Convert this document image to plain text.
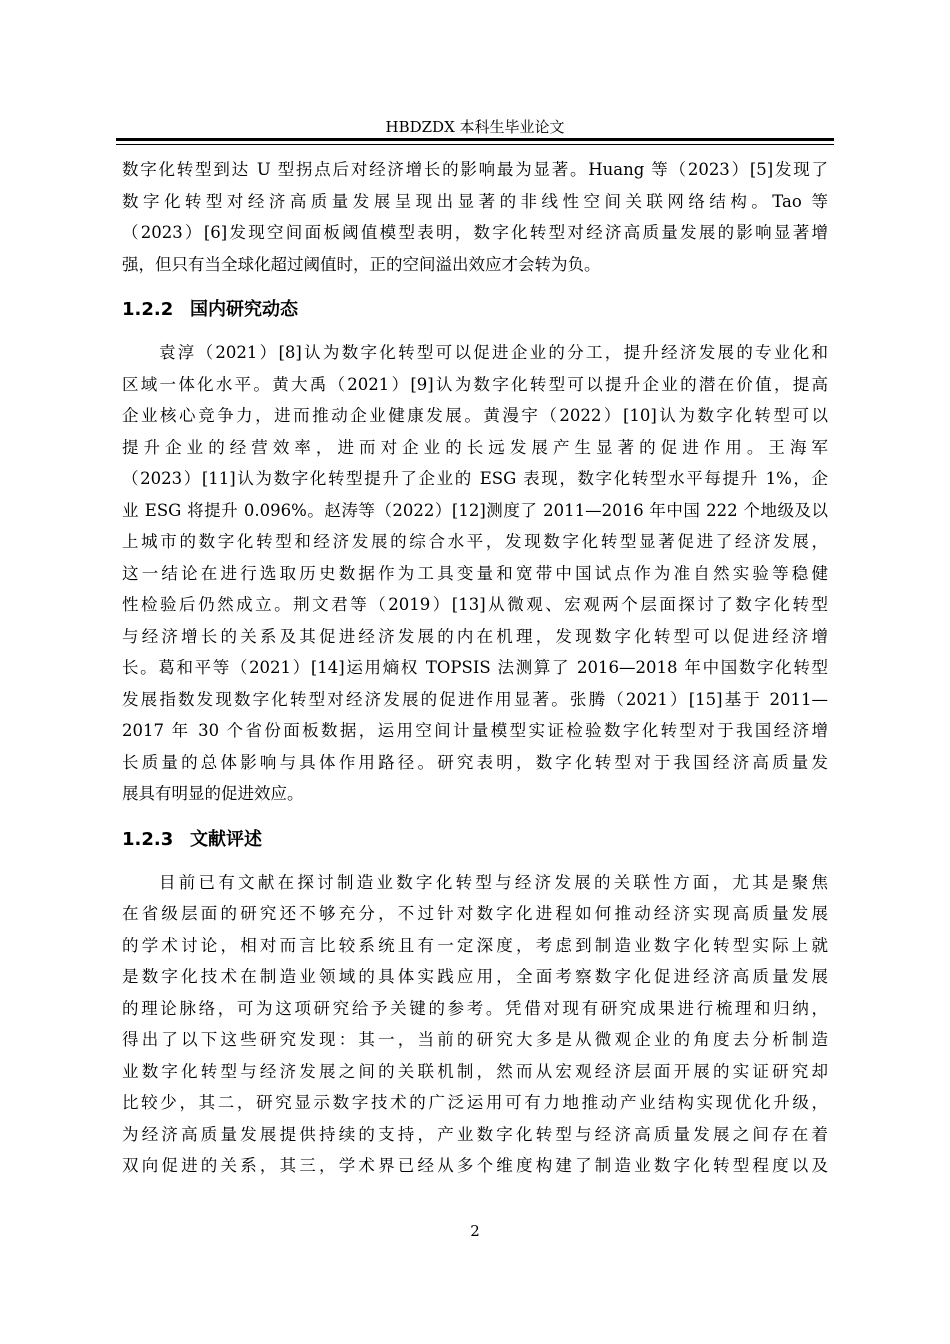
HBDZDX 本科生毕业论文
数字化转型到达 U 型拐点后对经济增长的影响最为显著。Huang 等（2023）[5]发现了
数字化转型对经济高质量发展呈现出显著的非线性空间关联网络结构。Tao 等
（2023）[6]发现空间面板阈值模型表明，数字化转型对经济高质量发展的影响显著增
强，但只有当全球化超过阈值时，正的空间溢出效应才会转为负。
1.2.2 国内研究动态
袁淳（2021）[8]认为数字化转型可以促进企业的分工，提升经济发展的专业化和
区域一体化水平。黄大禹（2021）[9]认为数字化转型可以提升企业的潜在价值，提高
企业核心竞争力，进而推动企业健康发展。黄漫宇（2022）[10]认为数字化转型可以
提升企业的经营效率，进而对企业的长远发展产生显著的促进作用。王海军
（2023）[11]认为数字化转型提升了企业的 ESG 表现，数字化转型水平每提升 1%，企
业 ESG 将提升 0.096%。赵涛等（2022）[12]测度了 2011—2016 年中国 222 个地级及以
上城市的数字化转型和经济发展的综合水平，发现数字化转型显著促进了经济发展，
这一结论在进行选取历史数据作为工具变量和宽带中国试点作为准自然实验等稳健
性检验后仍然成立。荆文君等（2019）[13]从微观、宏观两个层面探讨了数字化转型
与经济增长的关系及其促进经济发展的内在机理，发现数字化转型可以促进经济增
长。葛和平等（2021）[14]运用熵权 TOPSIS 法测算了 2016—2018 年中国数字化转型
发展指数发现数字化转型对经济发展的促进作用显著。张腾（2021）[15]基于 2011—
2017 年 30 个省份面板数据，运用空间计量模型实证检验数字化转型对于我国经济增
长质量的总体影响与具体作用路径。研究表明，数字化转型对于我国经济高质量发
展具有明显的促进效应。
1.2.3 文献评述
目前已有文献在探讨制造业数字化转型与经济发展的关联性方面，尤其是聚焦
在省级层面的研究还不够充分，不过针对数字化进程如何推动经济实现高质量发展
的学术讨论，相对而言比较系统且有一定深度，考虑到制造业数字化转型实际上就
是数字化技术在制造业领域的具体实践应用，全面考察数字化促进经济高质量发展
的理论脉络，可为这项研究给予关键的参考。凭借对现有研究成果进行梳理和归纳，
得出了以下这些研究发现：其一，当前的研究大多是从微观企业的角度去分析制造
业数字化转型与经济发展之间的关联机制，然而从宏观经济层面开展的实证研究却
比较少，其二，研究显示数字技术的广泛运用可有力地推动产业结构实现优化升级，
为经济高质量发展提供持续的支持，产业数字化转型与经济高质量发展之间存在着
双向促进的关系，其三，学术界已经从多个维度构建了制造业数字化转型程度以及
2
